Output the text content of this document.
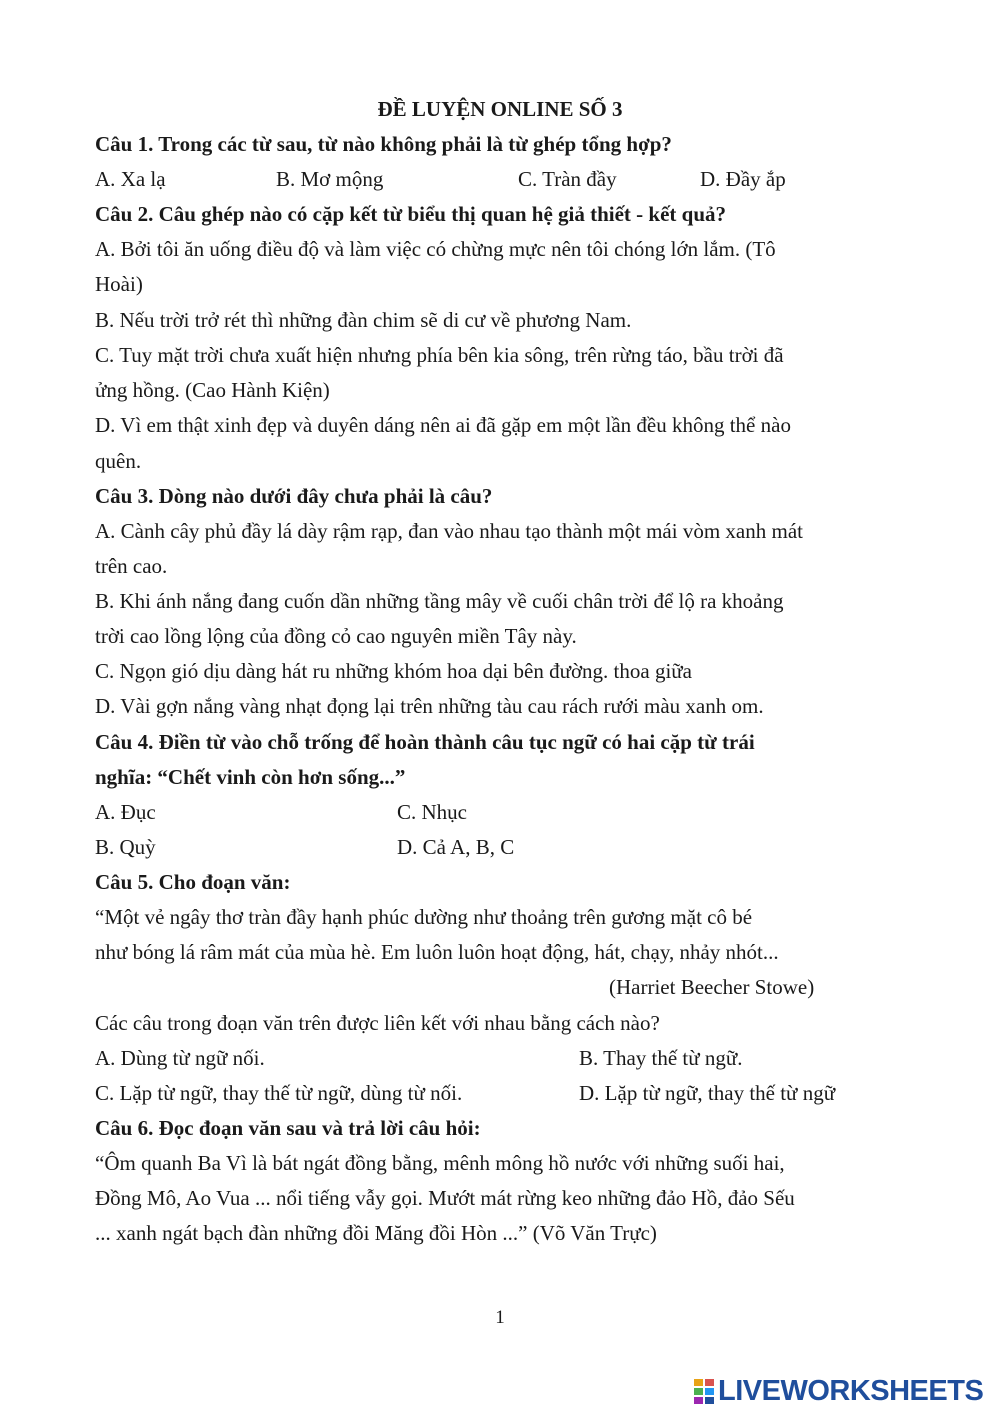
ĐỀ LUYỆN ONLINE SỐ 3
Câu 1. Trong các từ sau, từ nào không phải là từ ghép tổng hợp?
A. Xa lạ	B. Mơ mộng	C. Tràn đầy	D. Đầy ắp
Câu 2. Câu ghép nào có cặp kết từ biểu thị quan hệ giả thiết - kết quả?
A. Bởi tôi ăn uống điều độ và làm việc có chừng mực nên tôi chóng lớn lắm. (Tô
Hoài)
B. Nếu trời trở rét thì những đàn chim sẽ di cư về phương Nam.
C. Tuy mặt trời chưa xuất hiện nhưng phía bên kia sông, trên rừng táo, bầu trời đã
ửng hồng. (Cao Hành Kiện)
D. Vì em thật xinh đẹp và duyên dáng nên ai đã gặp em một lần đều không thể nào
quên.
Câu 3. Dòng nào dưới đây chưa phải là câu?
A. Cành cây phủ đầy lá dày rậm rạp, đan vào nhau tạo thành một mái vòm xanh mát
trên cao.
B. Khi ánh nắng đang cuốn dần những tầng mây về cuối chân trời để lộ ra khoảng
trời cao lồng lộng của đồng cỏ cao nguyên miền Tây này.
C. Ngọn gió dịu dàng hát ru những khóm hoa dại bên đường. thoa giữa
D. Vài gợn nắng vàng nhạt đọng lại trên những tàu cau rách rưới màu xanh om.
Câu 4. Điền từ vào chỗ trống để hoàn thành câu tục ngữ có hai cặp từ trái
nghĩa: “Chết vinh còn hơn sống...”
A. Đục	C. Nhục
B. Quỳ	D. Cả A, B, C
Câu 5. Cho đoạn văn:
“Một vẻ ngây thơ tràn đầy hạnh phúc dường như thoảng trên gương mặt cô bé
như bóng lá râm mát của mùa hè. Em luôn luôn hoạt động, hát, chạy, nhảy nhót...
(Harriet Beecher Stowe)
Các câu trong đoạn văn trên được liên kết với nhau bằng cách nào?
A. Dùng từ ngữ nối.	B. Thay thế từ ngữ.
C. Lặp từ ngữ, thay thế từ ngữ, dùng từ nối.	D. Lặp từ ngữ, thay thế từ ngữ
Câu 6. Đọc đoạn văn sau và trả lời câu hỏi:
“Ôm quanh Ba Vì là bát ngát đồng bằng, mênh mông hồ nước với những suối hai,
Đồng Mô, Ao Vua ... nổi tiếng vẫy gọi. Mướt mát rừng keo những đảo Hồ, đảo Sếu
... xanh ngát bạch đàn những đồi Măng đồi Hòn ...” (Võ Văn Trực)
1
LIVEWORKSHEETS
